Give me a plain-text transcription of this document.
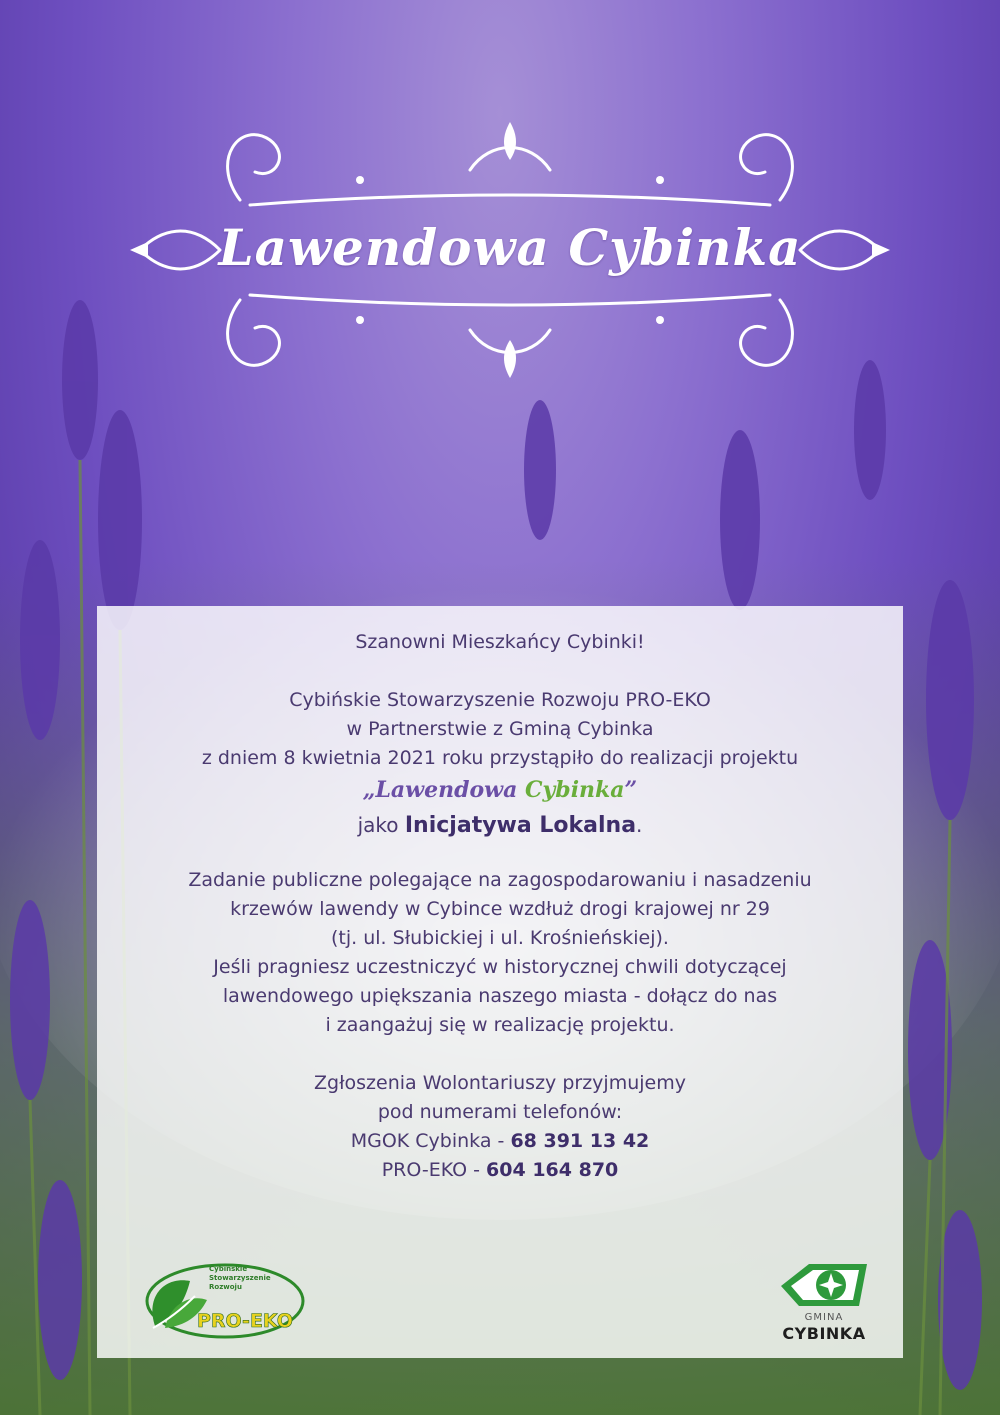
Lawendowa Cybinka

Szanowni Mieszkańcy Cybinki!

Cybińskie Stowarzyszenie Rozwoju PRO-EKO

w Partnerstwie z Gminą Cybinka

z dniem 8 kwietnia 2021 roku przystąpiło do realizacji projektu

„Lawendowa Cybinka”

jako Inicjatywa Lokalna.

Zadanie publiczne polegające na zagospodarowaniu i nasadzeniu

krzewów lawendy w Cybince wzdłuż drogi krajowej nr 29

(tj. ul. Słubickiej i ul. Krośnieńskiej).

Jeśli pragniesz uczestniczyć w historycznej chwili dotyczącej

lawendowego upiększania naszego miasta - dołącz do nas

i zaangażuj się w realizację projektu.

Zgłoszenia Wolontariuszy przyjmujemy

pod numerami telefonów:

MGOK Cybinka - 68 391 13 42

PRO-EKO - 604 164 870

Cybińskie
Stowarzyszenie
Rozwoju
PRO-EKO	GMINA
CYBINKA
